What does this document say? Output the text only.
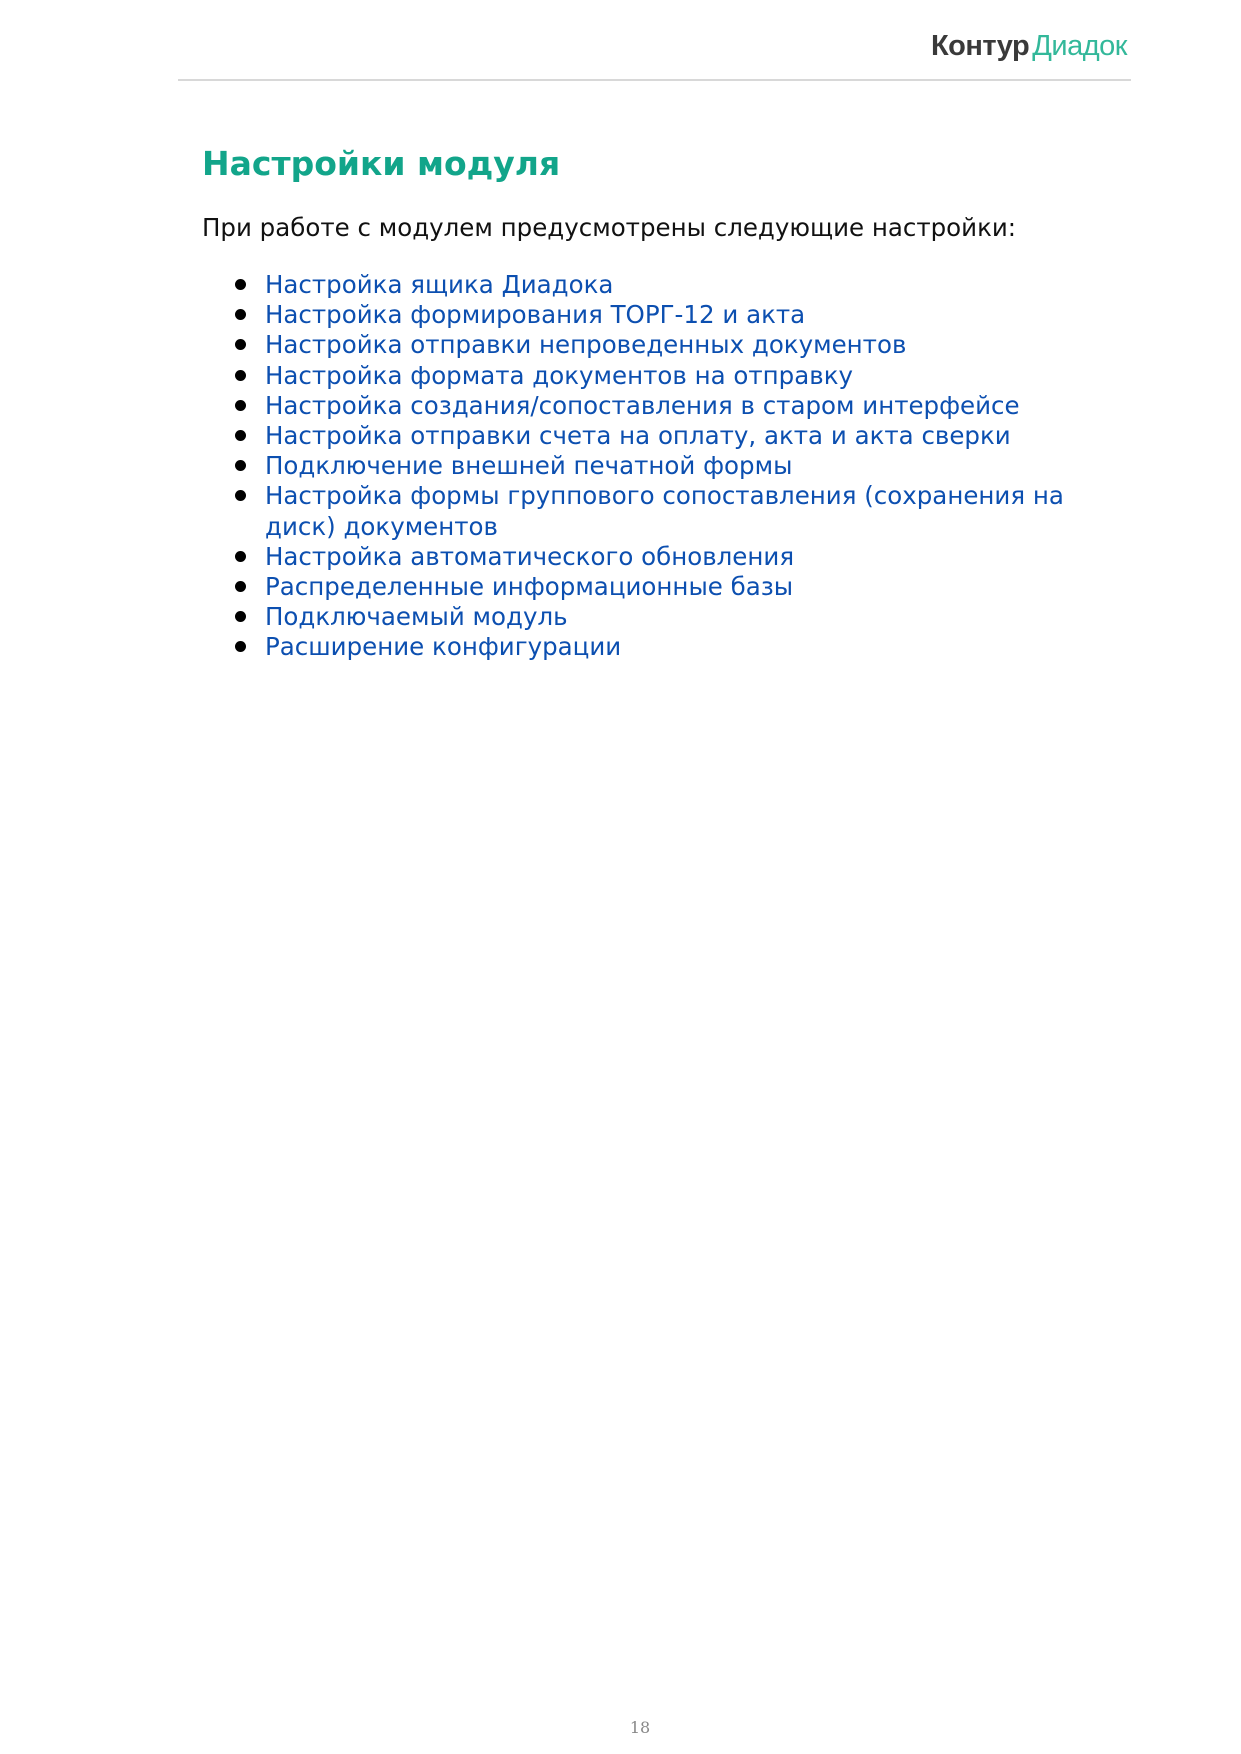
Контур Диадок
Настройки модуля

При работе с модулем предусмотрены следующие настройки:

Настройка ящика Диадока
Настройка формирования ТОРГ-12 и акта
Настройка отправки непроведенных документов
Настройка формата документов на отправку
Настройка создания/сопоставления в старом интерфейсе
Настройка отправки счета на оплату, акта и акта сверки
Подключение внешней печатной формы
Настройка формы группового сопоставления (сохранения на диск) документов
Настройка автоматического обновления
Распределенные информационные базы
Подключаемый модуль
Расширение конфигурации
18
